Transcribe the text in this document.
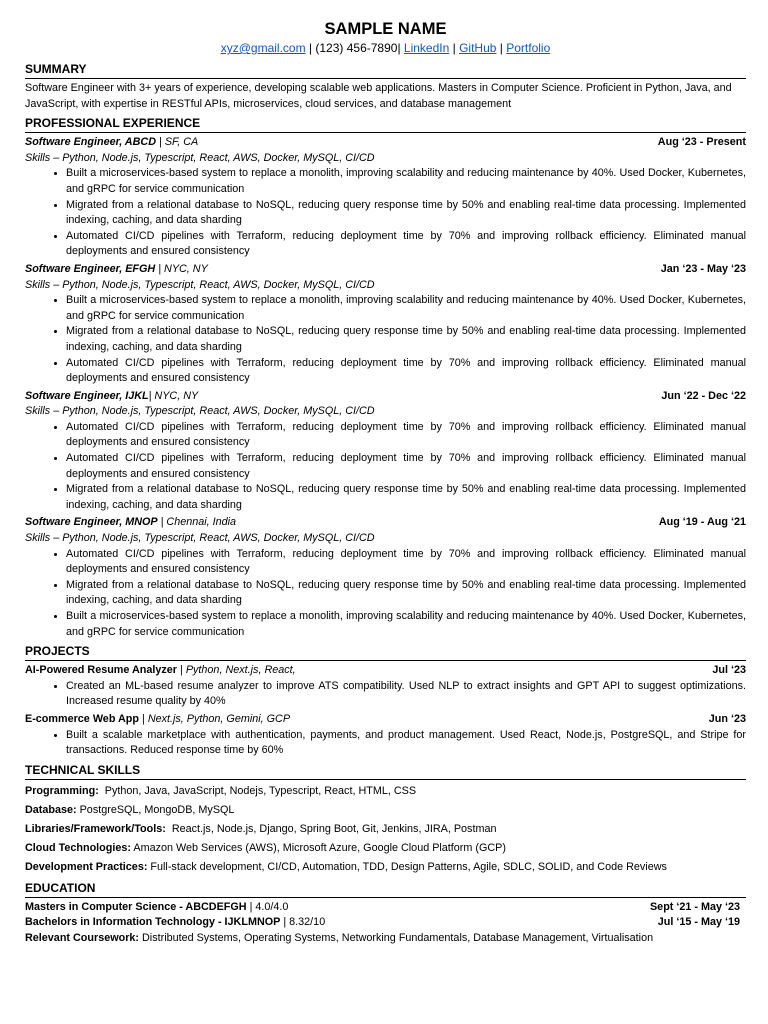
SAMPLE NAME
xyz@gmail.com | (123) 456-7890| LinkedIn | GitHub | Portfolio
SUMMARY
Software Engineer with 3+ years of experience, developing scalable web applications. Masters in Computer Science. Proficient in Python, Java, and JavaScript, with expertise in RESTful APIs, microservices, cloud services, and database management
PROFESSIONAL EXPERIENCE
Software Engineer, ABCD | SF, CA	Aug ‘23 - Present
Skills – Python, Node.js, Typescript, React, AWS, Docker, MySQL, CI/CD
• Built a microservices-based system to replace a monolith, improving scalability and reducing maintenance by 40%. Used Docker, Kubernetes, and gRPC for service communication
• Migrated from a relational database to NoSQL, reducing query response time by 50% and enabling real-time data processing. Implemented indexing, caching, and data sharding
• Automated CI/CD pipelines with Terraform, reducing deployment time by 70% and improving rollback efficiency. Eliminated manual deployments and ensured consistency
Software Engineer, EFGH | NYC, NY	Jan ‘23 - May ‘23
Skills – Python, Node.js, Typescript, React, AWS, Docker, MySQL, CI/CD
• Built a microservices-based system to replace a monolith, improving scalability and reducing maintenance by 40%. Used Docker, Kubernetes, and gRPC for service communication
• Migrated from a relational database to NoSQL, reducing query response time by 50% and enabling real-time data processing. Implemented indexing, caching, and data sharding
• Automated CI/CD pipelines with Terraform, reducing deployment time by 70% and improving rollback efficiency. Eliminated manual deployments and ensured consistency
Software Engineer, IJKL| NYC, NY	Jun ‘22 - Dec ‘22
Skills – Python, Node.js, Typescript, React, AWS, Docker, MySQL, CI/CD
• Automated CI/CD pipelines with Terraform, reducing deployment time by 70% and improving rollback efficiency. Eliminated manual deployments and ensured consistency
• Automated CI/CD pipelines with Terraform, reducing deployment time by 70% and improving rollback efficiency. Eliminated manual deployments and ensured consistency
• Migrated from a relational database to NoSQL, reducing query response time by 50% and enabling real-time data processing. Implemented indexing, caching, and data sharding
Software Engineer, MNOP | Chennai, India	Aug ‘19 - Aug ‘21
Skills – Python, Node.js, Typescript, React, AWS, Docker, MySQL, CI/CD
• Automated CI/CD pipelines with Terraform, reducing deployment time by 70% and improving rollback efficiency. Eliminated manual deployments and ensured consistency
• Migrated from a relational database to NoSQL, reducing query response time by 50% and enabling real-time data processing. Implemented indexing, caching, and data sharding
• Built a microservices-based system to replace a monolith, improving scalability and reducing maintenance by 40%. Used Docker, Kubernetes, and gRPC for service communication
PROJECTS
AI-Powered Resume Analyzer | Python, Next.js, React,	Jul ‘23
• Created an ML-based resume analyzer to improve ATS compatibility. Used NLP to extract insights and GPT API to suggest optimizations. Increased resume quality by 40%
E-commerce Web App | Next.js, Python, Gemini, GCP	Jun ‘23
• Built a scalable marketplace with authentication, payments, and product management. Used React, Node.js, PostgreSQL, and Stripe for transactions. Reduced response time by 60%
TECHNICAL SKILLS
Programming: Python, Java, JavaScript, Nodejs, Typescript, React, HTML, CSS
Database: PostgreSQL, MongoDB, MySQL
Libraries/Framework/Tools: React.js, Node.js, Django, Spring Boot, Git, Jenkins, JIRA, Postman
Cloud Technologies: Amazon Web Services (AWS), Microsoft Azure, Google Cloud Platform (GCP)
Development Practices: Full-stack development, CI/CD, Automation, TDD, Design Patterns, Agile, SDLC, SOLID, and Code Reviews
EDUCATION
Masters in Computer Science - ABCDEFGH | 4.0/4.0	Sept ‘21 - May ‘23
Bachelors in Information Technology - IJKLMNOP | 8.32/10	Jul ‘15 - May ‘19
Relevant Coursework: Distributed Systems, Operating Systems, Networking Fundamentals, Database Management, Virtualisation
